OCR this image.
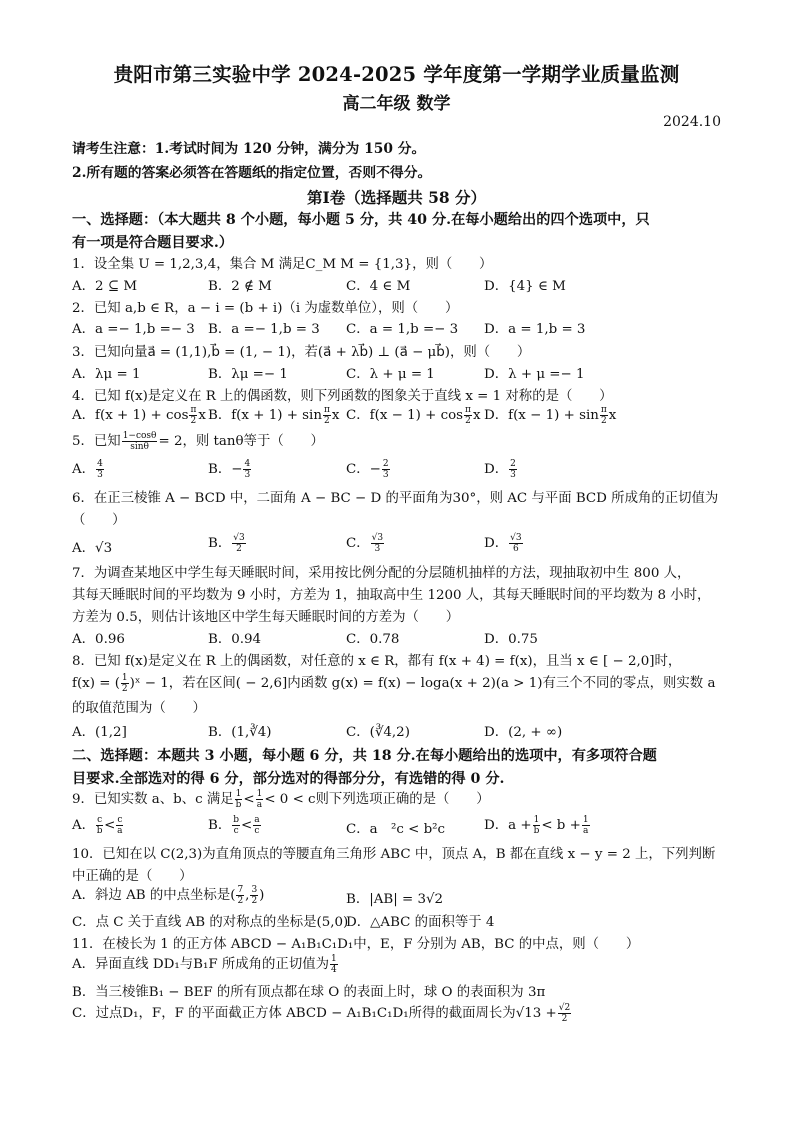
贵阳市第三实验中学 2024-2025 学年度第一学期学业质量监测
高二年级 数学
2024.10
请考生注意：1.考试时间为 120 分钟，满分为 150 分。
2.所有题的答案必须答在答题纸的指定位置，否则不得分。
第Ⅰ卷（选择题共 58 分）
一、选择题：（本大题共 8 个小题，每小题 5 分，共 40 分.在每小题给出的四个选项中，只
有一项是符合题目要求.）
1．设全集 U = 1,2,3,4，集合 M 满足C_M M = {1,3}，则（　　）
A．2 ⊆ M	B．2 ∉ M	C．4 ∈ M	D．{4} ∈ M
2．已知 a,b ∈ R，a − i = (b + i)（i 为虚数单位），则（　　）
A．a =− 1,b =− 3 B．a =− 1,b = 3 C．a = 1,b =− 3 D．a = 1,b = 3
3．已知向量a⃗ = (1,1),b⃗ = (1, − 1)，若(a⃗ + λb⃗) ⊥ (a⃗ − μb⃗)，则（　　）
A．λμ = 1	B．λμ =− 1	C．λ + μ = 1	D．λ + μ =− 1
4．已知 f(x)是定义在 R 上的偶函数，则下列函数的图象关于直线 x = 1 对称的是（　　）
A．$f(x + 1) + \cos \frac{\pi}{2}$ x B．$f(x + 1) + \sin \frac{\pi}{2}$ x C．$f(x - 1) + \cos \frac{\pi}{2}$ x D．$f(x - 1) + \sin \frac{\pi}{2}$ x
5．已知 $\frac{1-\cos\theta}{\sin\theta} = 2$，则 tanθ等于（　　）
A． $\frac{4}{3}$	B．− $\frac{4}{3}$	C．− $\frac{2}{3}$	D． $\frac{2}{3}$
6．在正三棱锥 A − BCD 中，二面角 A − BC − D 的平面角为30°，则 AC 与平面 BCD 所成角的正切值为
（　　）
A．√3	B． $\frac{√3}{2}$	C． $\frac{√3}{3}$	D． $\frac{√3}{6}$
7．为调查某地区中学生每天睡眠时间，采用按比例分配的分层随机抽样的方法，现抽取初中生 800 人，
其每天睡眠时间的平均数为 9 小时，方差为 1，抽取高中生 1200 人，其每天睡眠时间的平均数为 8 小时，
方差为 0.5，则估计该地区中学生每天睡眠时间的方差为（　　）
A．0.96	B．0.94	C．0.78	D．0.75
8．已知 f(x)是定义在 R 上的偶函数，对任意的 x ∈ R，都有 f(x + 4) = f(x)，且当 x ∈ [ − 2,0]时，
f(x) = ( $\frac{1}{2}$ )ˣ − 1，若在区间( − 2,6]内函数 g(x) = f(x) − loga(x + 2)(a > 1)有三个不同的零点，则实数 a
的取值范围为（　　）
A．(1,2]	B．(1,∛4)	C．(∛4,2)	D．(2, + ∞)
二、选择题：本题共 3 小题，每小题 6 分，共 18 分.在每小题给出的选项中，有多项符合题
目要求.全部选对的得 6 分，部分选对的得部分分，有选错的得 0 分.
9．已知实数 a、b、c 满足 $\frac{1}{b} < \frac{1}{a} < 0 < c$则下列选项正确的是（　　）
A． $\frac{c}{b} < \frac{c}{a}$	B． $\frac{b}{c} < \frac{a}{c}$	C．a　²c < b²c	D．$a + \frac{1}{b} < b + \frac{1}{a}$
10．已知在以 C(2,3)为直角顶点的等腰直角三角形 ABC 中，顶点 A，B 都在直线 x − y = 2 上，下列判断
中正确的是（　　）
A．斜边 AB 的中点坐标是( $\frac{7}{2}$ , $\frac{3}{2}$ )	B．|AB| = 3√2
C．点 C 关于直线 AB 的对称点的坐标是(5,0)
D．△ABC 的面积等于 4
11．在棱长为 1 的正方体 ABCD − A₁B₁C₁D₁中，E，F 分别为 AB，BC 的中点，则（　　）
A．异面直线 DD₁与B₁F 所成角的正切值为 $\frac{1}{4}$
B．当三棱锥B₁ − BEF 的所有顶点都在球 O 的表面上时，球 O 的表面积为 3π
C．过点D₁，F，F 的平面截正方体 ABCD − A₁B₁C₁D₁所得的截面周长为$√13 + \frac{√2}{2}$
